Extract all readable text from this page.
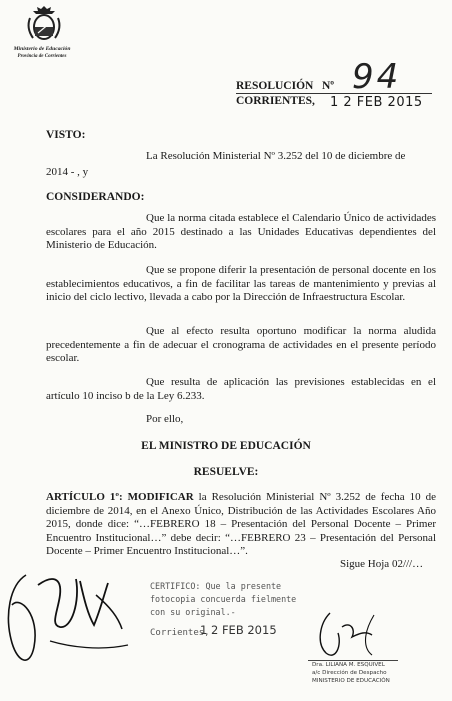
Ministerio de Educación
Provincia de Corrientes
RESOLUCIÓN Nº 94
CORRIENTES, 1 2 FEB 2015
VISTO:
La Resolución Ministerial Nº 3.252 del 10 de diciembre de
2014 - , y
CONSIDERANDO:
Que la norma citada establece el Calendario Único de actividades escolares para el año 2015 destinado a las Unidades Educativas dependientes del Ministerio de Educación.
Que se propone diferir la presentación de personal docente en los establecimientos educativos, a fin de facilitar las tareas de mantenimiento y previas al inicio del ciclo lectivo, llevada a cabo por la Dirección de Infraestructura Escolar.
Que al efecto resulta oportuno modificar la norma aludida precedentemente a fin de adecuar el cronograma de actividades en el presente período escolar.
Que resulta de aplicación las previsiones establecidas en el artículo 10 inciso b de la Ley 6.233.
Por ello,
EL MINISTRO DE EDUCACIÓN
RESUELVE:
ARTÍCULO 1º: MODIFICAR la Resolución Ministerial Nº 3.252 de fecha 10 de diciembre de 2014, en el Anexo Único, Distribución de las Actividades Escolares Año 2015, donde dice: “…FEBRERO 18 – Presentación del Personal Docente – Primer Encuentro Institucional…” debe decir: “…FEBRERO 23 – Presentación del Personal Docente – Primer Encuentro Institucional…”.
Sigue Hoja 02///…
CERTIFICO: Que la presente
fotocopia concuerda fielmente
con su original.-
Corrientes,
1 2 FEB 2015
Dra. LILIANA M. ESQUIVEL
a/c Dirección de Despacho
MINISTERIO DE EDUCACIÓN
